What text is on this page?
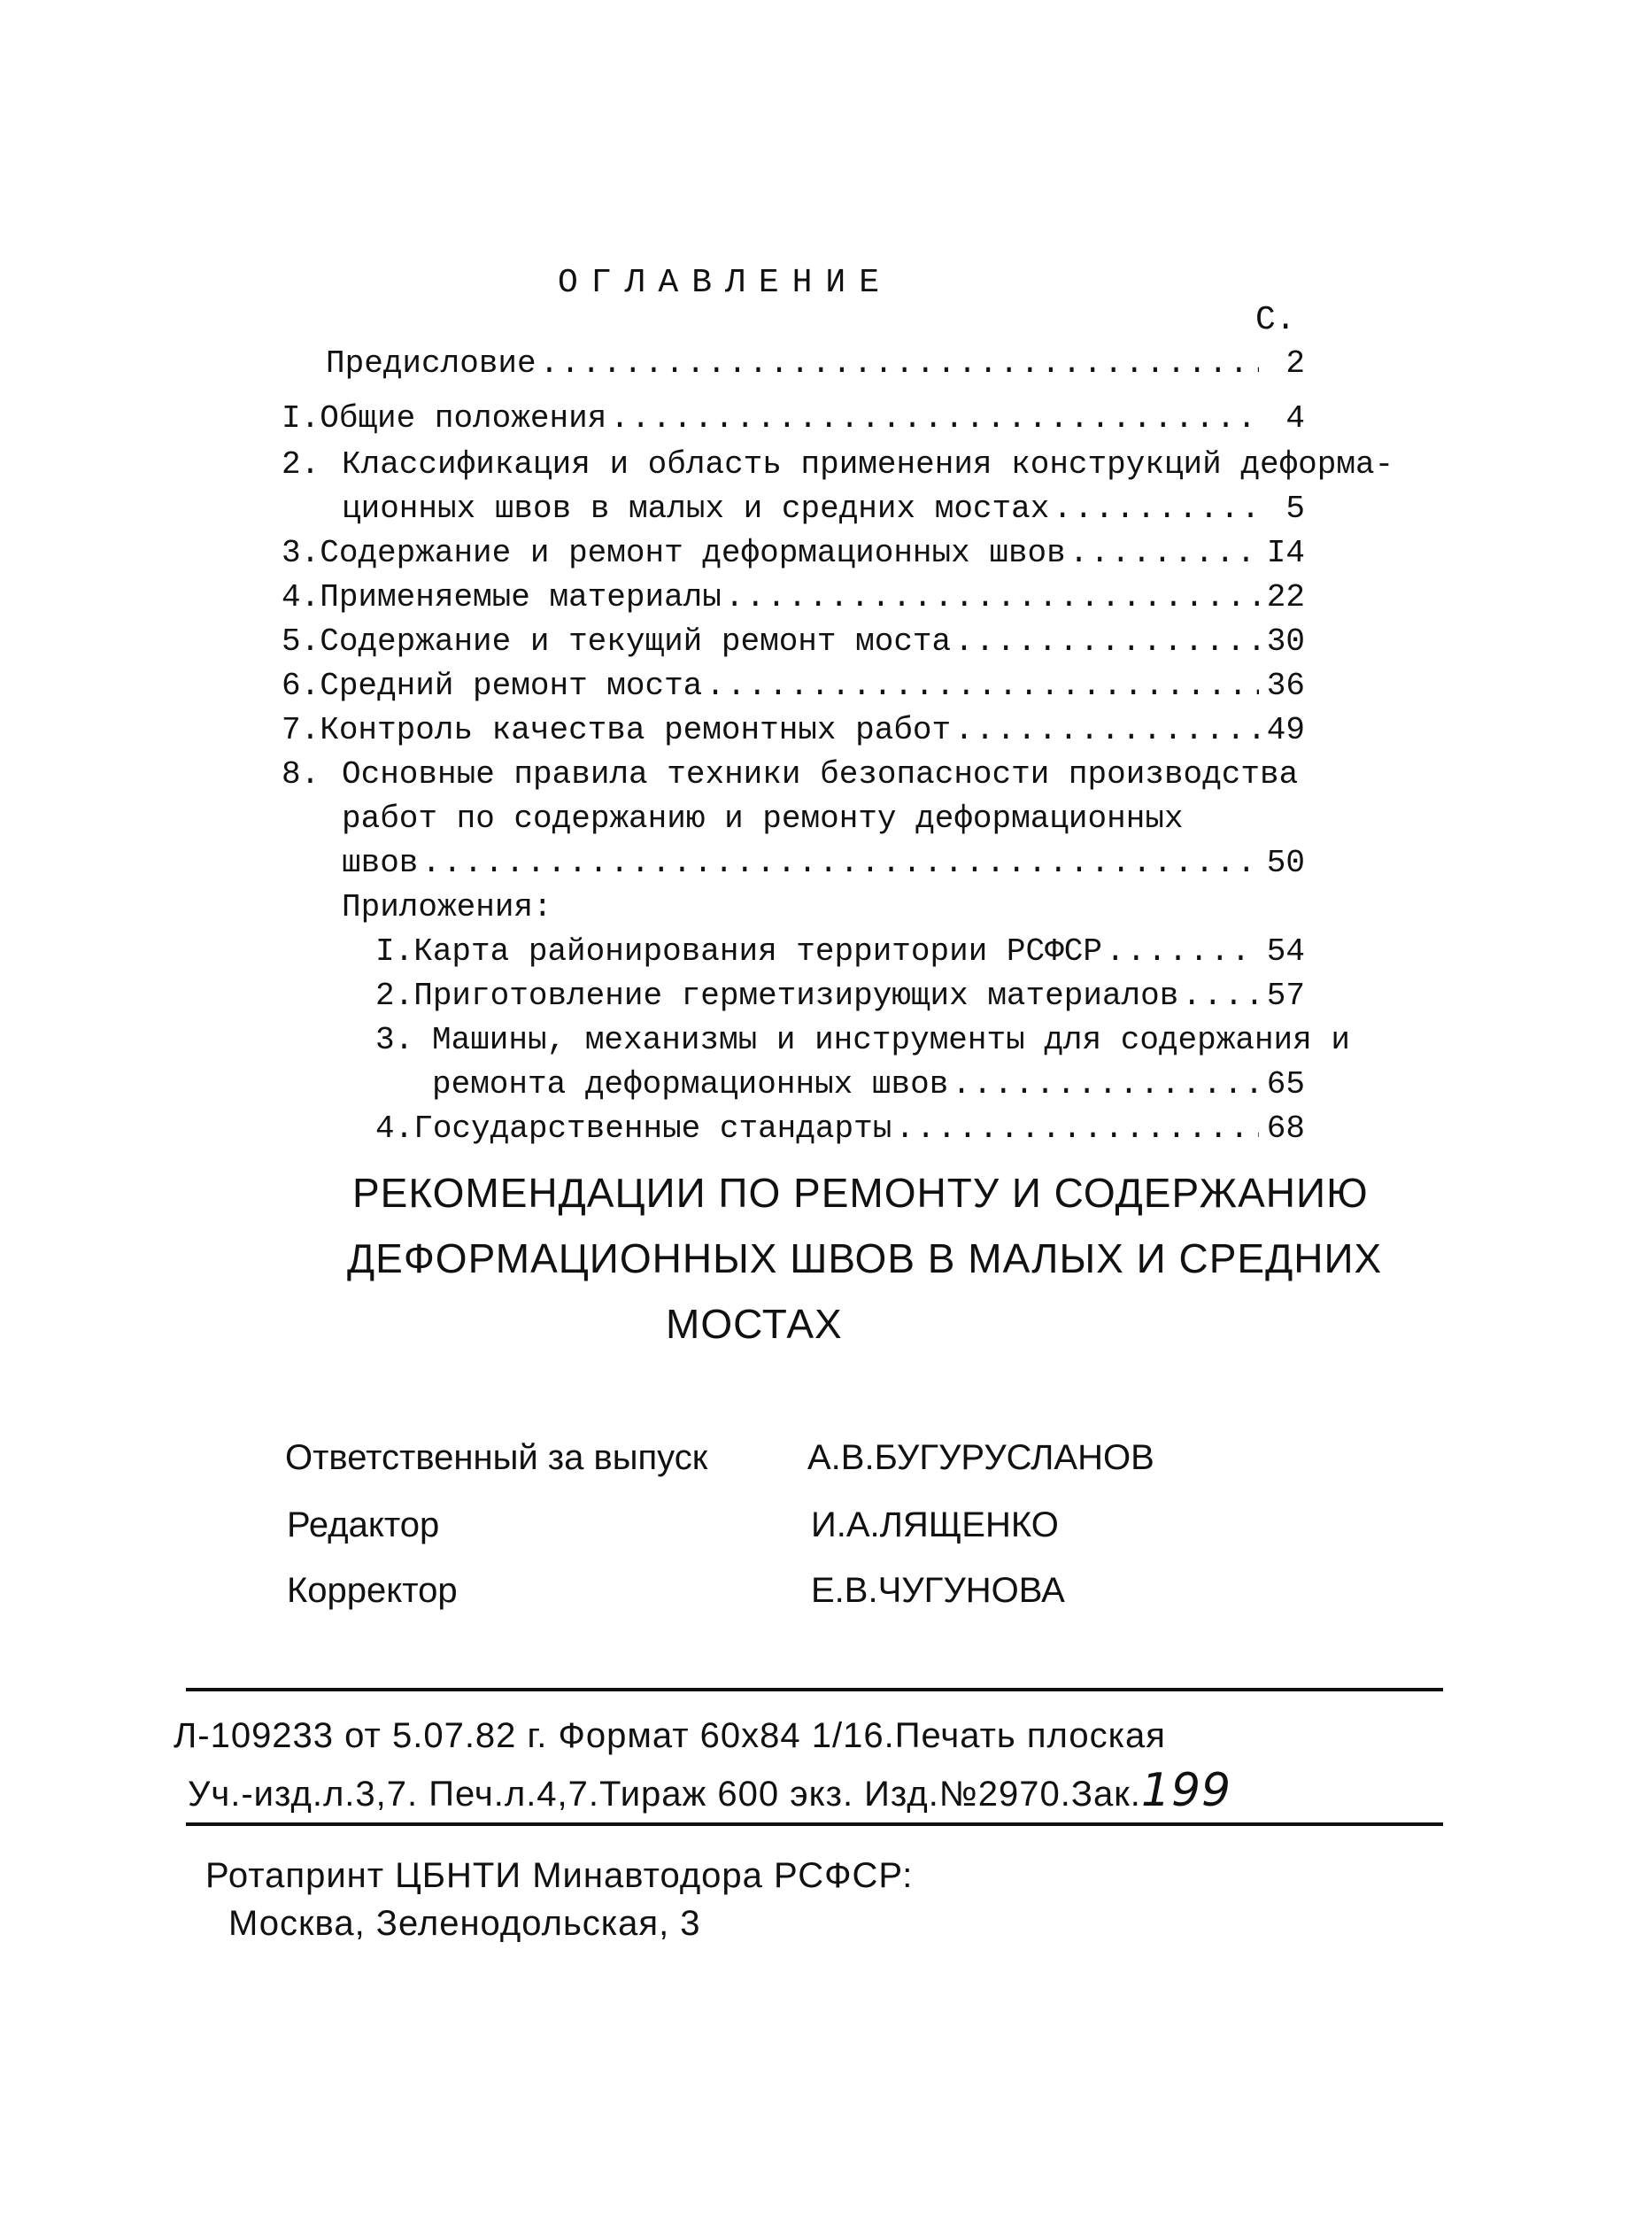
ОГЛАВЛЕНИЕ
С.
Предисловие .....	2
I. Общие положения .....	4
2. Классификация и область применения конструкций деформа-
ционных швов в малых и средних мостах .....	5
3. Содержание и ремонт деформационных швов .....	I4
4. Применяемые материалы .....	22
5. Содержание и текущий ремонт моста .....	30
6. Средний ремонт моста .....	36
7. Контроль качества ремонтных работ .....	49
8. Основные правила техники безопасности производства
работ по содержанию и ремонту деформационных
швов .....	50
Приложения:
I. Карта районирования территории РСФСР .....	54
2. Приготовление герметизирующих материалов .....	57
3. Машины, механизмы и инструменты для содержания и
ремонта деформационных швов .....	65
4. Государственные стандарты .....	68
РЕКОМЕНДАЦИИ ПО РЕМОНТУ И СОДЕРЖАНИЮ
ДЕФОРМАЦИОННЫХ ШВОВ В МАЛЫХ И СРЕДНИХ
МОСТАХ
Ответственный за выпуск	А.В.БУГУРУСЛАНОВ
Редактор	И.А.ЛЯЩЕНКО
Корректор	Е.В.ЧУГУНОВА
Л-109233 от 5.07.82 г. Формат 60х84 1/16.Печать плоская
Уч.-изд.л.3,7. Печ.л.4,7.Тираж 600 экз. Изд.№2970.Зак.199
Ротапринт ЦБНТИ Минавтодора РСФСР:
Москва, Зеленодольская, 3
